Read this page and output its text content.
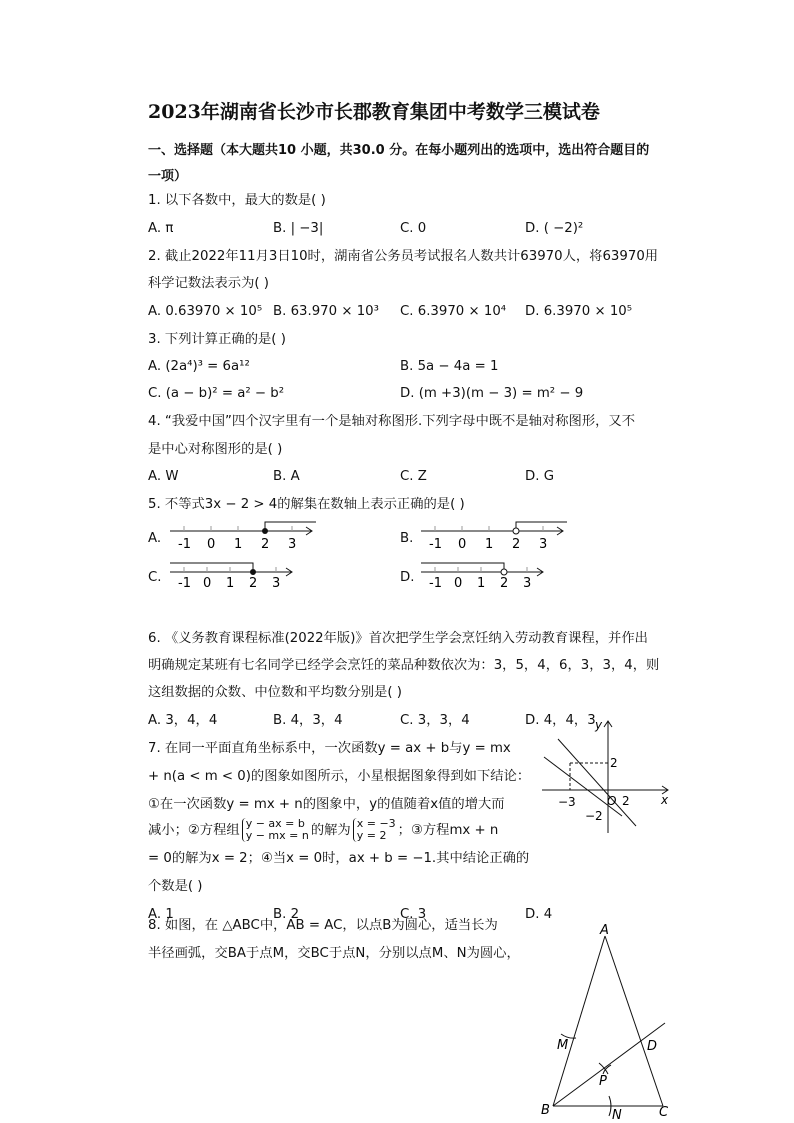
2023年湖南省长沙市长郡教育集团中考数学三模试卷
一、选择题（本大题共10 小题，共30.0 分。在每小题列出的选项中，选出符合题目的
一项）
1. 以下各数中，最大的数是( )
A. π	B. | −3|	C. 0	D. ( −2)²
2. 截止2022年11月3日10时，湖南省公务员考试报名人数共计63970人，将63970用
科学记数法表示为( )
A. 0.63970 × 10⁵ B. 63.970 × 10³ C. 6.3970 × 10⁴ D. 6.3970 × 10⁵
3. 下列计算正确的是( )
A. (2a⁴)³ = 6a¹²	B. 5a − 4a = 1
C. (a − b)² = a² − b²	D. (m +3)(m − 3) = m² − 9
4. “我爱中国”四个汉字里有一个是轴对称图形.下列字母中既不是轴对称图形，又不
是中心对称图形的是( )
A. W	B. A	C. Z	D. G
5. 不等式3x − 2 > 4的解集在数轴上表示正确的是( )
A. -1 0 1 2 3	B. -1 0 1 2 3
C. -1 0 1 2 3	D. -1 0 1 2 3
6. 《义务教育课程标准(2022年版)》首次把学生学会烹饪纳入劳动教育课程，并作出
明确规定某班有七名同学已经学会烹饪的菜品种数依次为：3，5，4，6，3，3，4，则
这组数据的众数、中位数和平均数分别是( )
A. 3，4，4	B. 4，3，4	C. 3，3，4	D. 4，4，3
7. 在同一平面直角坐标系中，一次函数y = ax + b与y = mx
+ n(a < m < 0)的图象如图所示，小星根据图象得到如下结论：
①在一次函数y = mx + n的图象中，y的值随着x值的增大而
减小；②方程组 y − ax = b
y − mx = n 的解为 x = −3
y = 2 ；③方程mx + n
= 0的解为x = 2；④当x = 0时，ax + b = −1.其中结论正确的
个数是( )
A. 1	B. 2	C. 3	D. 4
y
x
2
−3	O 2
−2
8. 如图，在 △ABC中，AB = AC，以点B为圆心，适当长为
半径画弧，交BA于点M，交BC于点N，分别以点M、N为圆心，
A
B	C
D
M
N
P
